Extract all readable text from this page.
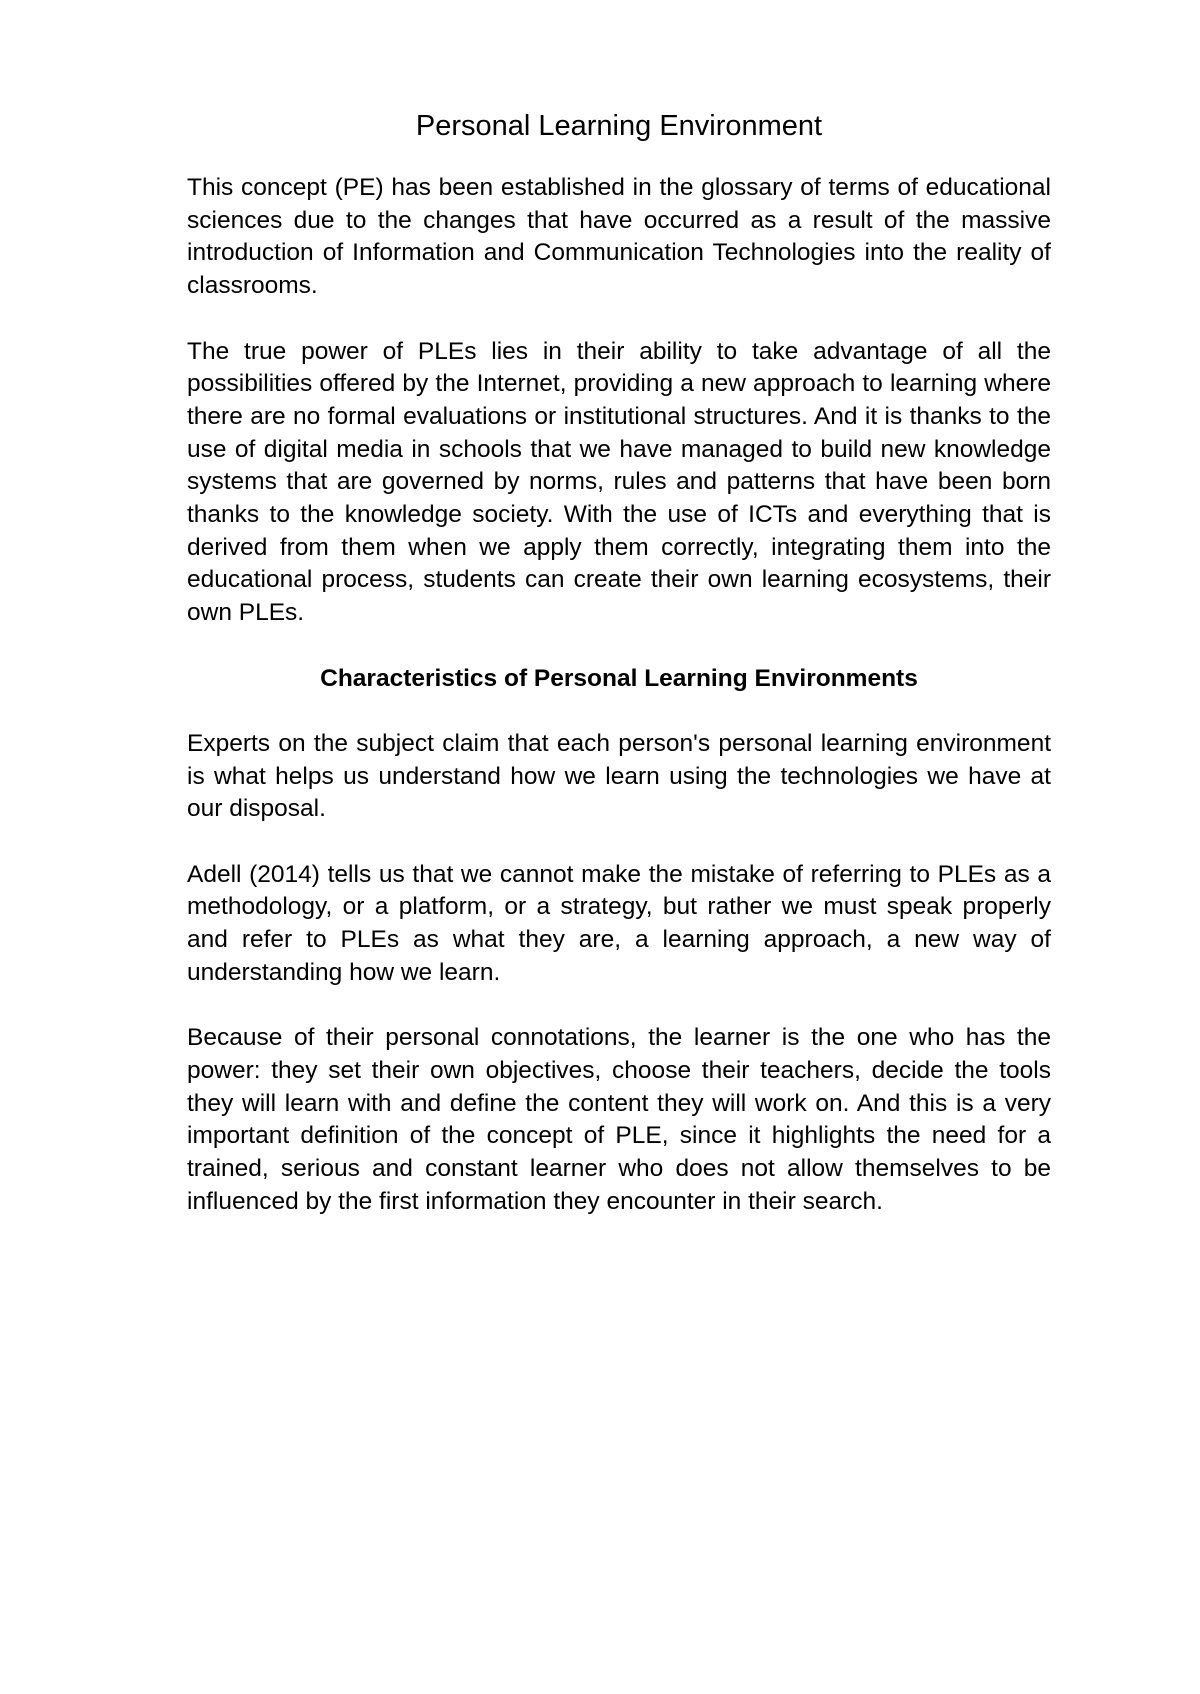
Personal Learning Environment

This concept (PE) has been established in the glossary of terms of educational sciences due to the changes that have occurred as a result of the massive introduction of Information and Communication Technologies into the reality of classrooms.

The true power of PLEs lies in their ability to take advantage of all the possibilities offered by the Internet, providing a new approach to learning where there are no formal evaluations or institutional structures. And it is thanks to the use of digital media in schools that we have managed to build new knowledge systems that are governed by norms, rules and patterns that have been born thanks to the knowledge society. With the use of ICTs and everything that is derived from them when we apply them correctly, integrating them into the educational process, students can create their own learning ecosystems, their own PLEs.

Characteristics of Personal Learning Environments

Experts on the subject claim that each person's personal learning environment is what helps us understand how we learn using the technologies we have at our disposal.

Adell (2014) tells us that we cannot make the mistake of referring to PLEs as a methodology, or a platform, or a strategy, but rather we must speak properly and refer to PLEs as what they are, a learning approach, a new way of understanding how we learn.

Because of their personal connotations, the learner is the one who has the power: they set their own objectives, choose their teachers, decide the tools they will learn with and define the content they will work on. And this is a very important definition of the concept of PLE, since it highlights the need for a trained, serious and constant learner who does not allow themselves to be influenced by the first information they encounter in their search.
